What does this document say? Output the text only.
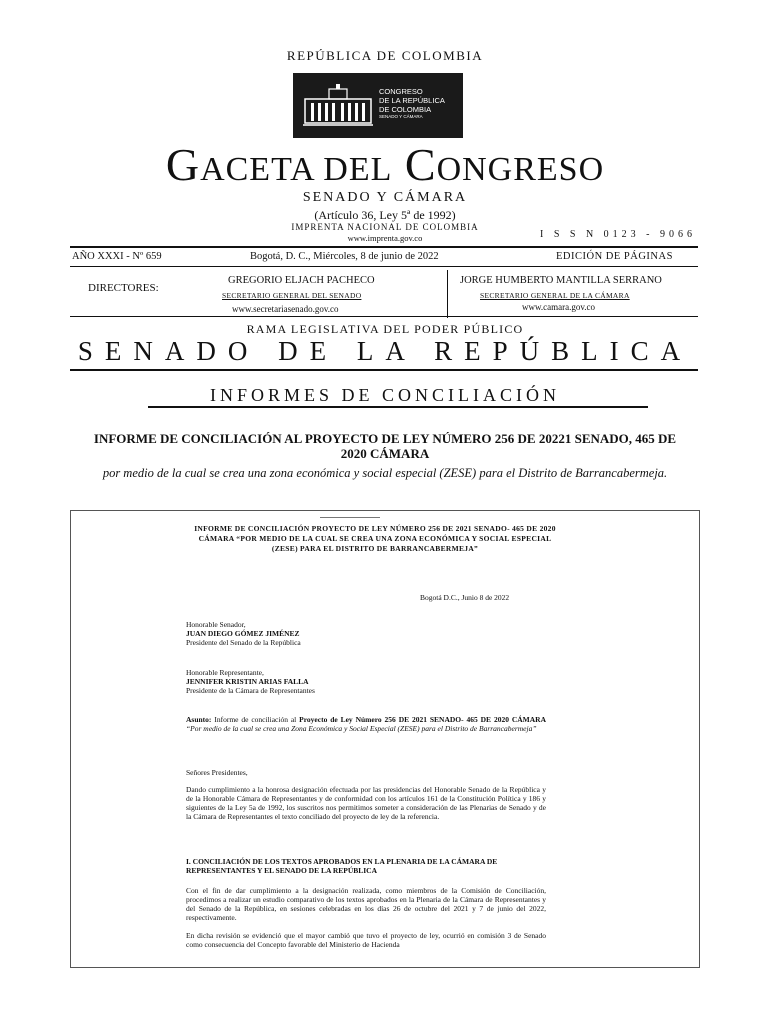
REPÚBLICA DE COLOMBIA
CONGRESO
DE LA REPÚBLICA
DE COLOMBIA
SENADO Y CÁMARA
GACETA DEL CONGRESO
SENADO Y CÁMARA
(Artículo 36, Ley 5ª de 1992)
IMPRENTA NACIONAL DE COLOMBIA
www.imprenta.gov.co	I S S N 0123 - 9066
AÑO XXXI - Nº 659	Bogotá, D. C., Miércoles, 8 de junio de 2022	EDICIÓN DE PÁGINAS
DIRECTORES:
GREGORIO ELJACH PACHECO
SECRETARIO GENERAL DEL SENADO
www.secretariasenado.gov.co
JORGE HUMBERTO MANTILLA SERRANO
SECRETARIO GENERAL DE LA CÁMARA
www.camara.gov.co
RAMA LEGISLATIVA DEL PODER PÚBLICO
SENADO DE LA REPÚBLICA
INFORMES DE CONCILIACIÓN
INFORME DE CONCILIACIÓN AL PROYECTO DE LEY NÚMERO 256 DE 20221 SENADO, 465 DE 2020 CÁMARA
por medio de la cual se crea una zona económica y social especial (ZESE) para el Distrito de Barrancabermeja.
INFORME DE CONCILIACIÓN PROYECTO DE LEY NÚMERO 256 DE 2021 SENADO- 465 DE 2020 CÁMARA “POR MEDIO DE LA CUAL SE CREA UNA ZONA ECONÓMICA Y SOCIAL ESPECIAL (ZESE) PARA EL DISTRITO DE BARRANCABERMEJA”
Bogotá D.C., Junio 8 de 2022
Honorable Senador,
JUAN DIEGO GÓMEZ JIMÉNEZ
Presidente del Senado de la República
Honorable Representante,
JENNIFER KRISTIN ARIAS FALLA
Presidente de la Cámara de Representantes
Asunto: Informe de conciliación al Proyecto de Ley Número 256 DE 2021 SENADO- 465 DE 2020 CÁMARA “Por medio de la cual se crea una Zona Económica y Social Especial (ZESE) para el Distrito de Barrancabermeja”
Señores Presidentes,
Dando cumplimiento a la honrosa designación efectuada por las presidencias del Honorable Senado de la República y de la Honorable Cámara de Representantes y de conformidad con los artículos 161 de la Constitución Política y 186 y siguientes de la Ley 5a de 1992, los suscritos nos permitimos someter a consideración de las Plenarias de Senado y de la Cámara de Representantes el texto conciliado del proyecto de ley de la referencia.
I. CONCILIACIÓN DE LOS TEXTOS APROBADOS EN LA PLENARIA DE LA CÁMARA DE REPRESENTANTES Y EL SENADO DE LA REPÚBLICA
Con el fin de dar cumplimiento a la designación realizada, como miembros de la Comisión de Conciliación, procedimos a realizar un estudio comparativo de los textos aprobados en la Plenaria de la Cámara de Representantes y del Senado de la República, en sesiones celebradas en los días 26 de octubre del 2021 y 7 de junio del 2022, respectivamente.
En dicha revisión se evidenció que el mayor cambió que tuvo el proyecto de ley, ocurrió en comisión 3 de Senado como consecuencia del Concepto favorable del Ministerio de Hacienda
